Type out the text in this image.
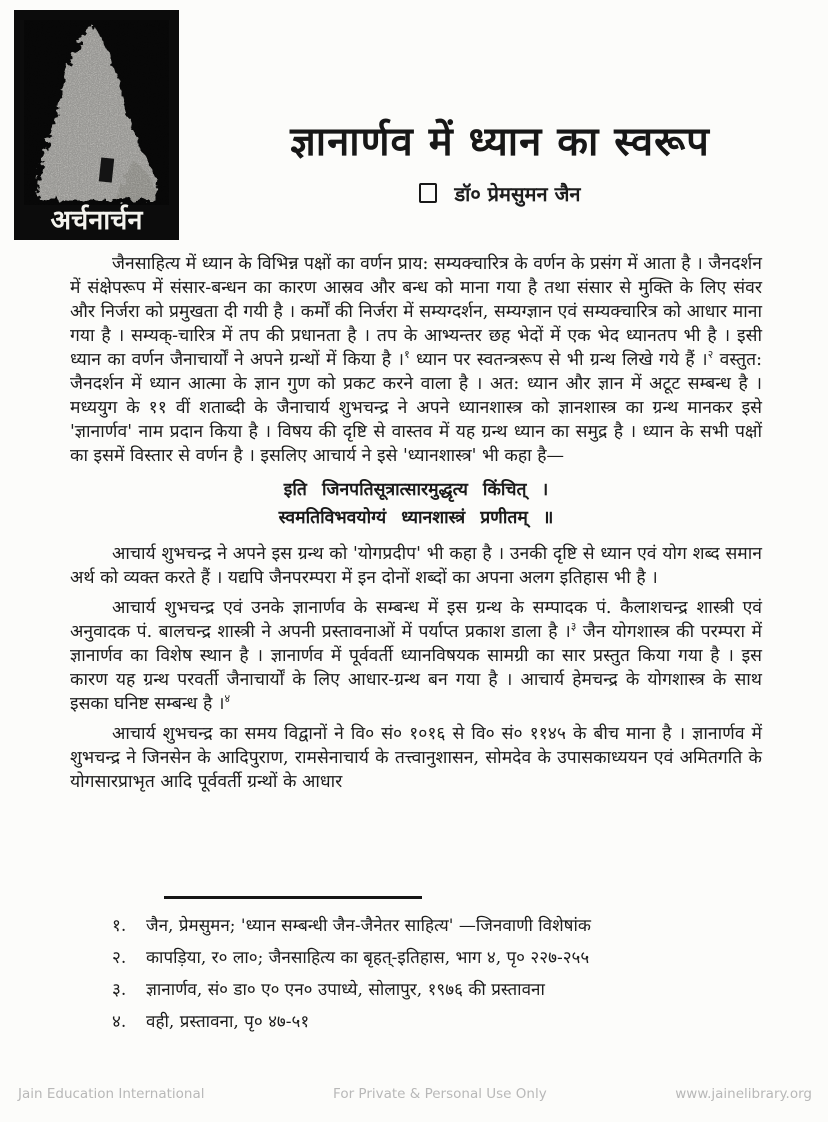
अर्चनार्चन
ज्ञानार्णव में ध्यान का स्वरूप
डॉ० प्रेमसुमन जैन

जैनसाहित्य में ध्यान के विभिन्न पक्षों का वर्णन प्राय: सम्यक्चारित्र के वर्णन के प्रसंग में आता है । जैनदर्शन में संक्षेपरूप में संसार-बन्धन का कारण आस्रव और बन्ध को माना गया है तथा संसार से मुक्ति के लिए संवर और निर्जरा को प्रमुखता दी गयी है । कर्मों की निर्जरा में सम्यग्दर्शन, सम्यग्ज्ञान एवं सम्यक्चारित्र को आधार माना गया है । सम्यक्-चारित्र में तप की प्रधानता है । तप के आभ्यन्तर छह भेदों में एक भेद ध्यानतप भी है । इसी ध्यान का वर्णन जैनाचार्यों ने अपने ग्रन्थों में किया है ।$^१$ ध्यान पर स्वतन्त्ररूप से भी ग्रन्थ लिखे गये हैं ।$^२$ वस्तुत: जैनदर्शन में ध्यान आत्मा के ज्ञान गुण को प्रकट करने वाला है । अत: ध्यान और ज्ञान में अटूट सम्बन्ध है । मध्ययुग के ११ वीं शताब्दी के जैनाचार्य शुभचन्द्र ने अपने ध्यानशास्त्र को ज्ञानशास्त्र का ग्रन्थ मानकर इसे 'ज्ञानार्णव' नाम प्रदान किया है । विषय की दृष्टि से वास्तव में यह ग्रन्थ ध्यान का समुद्र है । ध्यान के सभी पक्षों का इसमें विस्तार से वर्णन है । इसलिए आचार्य ने इसे 'ध्यानशास्त्र' भी कहा है—

इति जिनपतिसूत्रात्सारमुद्धृत्य किंचित् ।
स्वमतिविभवयोग्यं ध्यानशास्त्रं प्रणीतम् ॥

आचार्य शुभचन्द्र ने अपने इस ग्रन्थ को 'योगप्रदीप' भी कहा है । उनकी दृष्टि से ध्यान एवं योग शब्द समान अर्थ को व्यक्त करते हैं । यद्यपि जैनपरम्परा में इन दोनों शब्दों का अपना अलग इतिहास भी है ।

आचार्य शुभचन्द्र एवं उनके ज्ञानार्णव के सम्बन्ध में इस ग्रन्थ के सम्पादक पं. कैलाशचन्द्र शास्त्री एवं अनुवादक पं. बालचन्द्र शास्त्री ने अपनी प्रस्तावनाओं में पर्याप्त प्रकाश डाला है ।$^३$ जैन योगशास्त्र की परम्परा में ज्ञानार्णव का विशेष स्थान है । ज्ञानार्णव में पूर्ववर्ती ध्यानविषयक सामग्री का सार प्रस्तुत किया गया है । इस कारण यह ग्रन्थ परवर्ती जैनाचार्यों के लिए आधार-ग्रन्थ बन गया है । आचार्य हेमचन्द्र के योगशास्त्र के साथ इसका घनिष्ट सम्बन्ध है ।$^४$

आचार्य शुभचन्द्र का समय विद्वानों ने वि० सं० १०१६ से वि० सं० ११४५ के बीच माना है । ज्ञानार्णव में शुभचन्द्र ने जिनसेन के आदिपुराण, रामसेनाचार्य के तत्त्वानुशासन, सोमदेव के उपासकाध्ययन एवं अमितगति के योगसारप्राभृत आदि पूर्ववर्ती ग्रन्थों के आधार

१.	जैन, प्रेमसुमन; 'ध्यान सम्बन्धी जैन-जैनेतर साहित्य' —जिनवाणी विशेषांक
२.	कापड़िया, र० ला०; जैनसाहित्य का बृहत्-इतिहास, भाग ४, पृ० २२७-२५५
३.	ज्ञानार्णव, सं० डा० ए० एन० उपाध्ये, सोलापुर, १९७६ की प्रस्तावना
४.	वही, प्रस्तावना, पृ० ४७-५१
Jain Education International	For Private & Personal Use Only	www.jainelibrary.org
